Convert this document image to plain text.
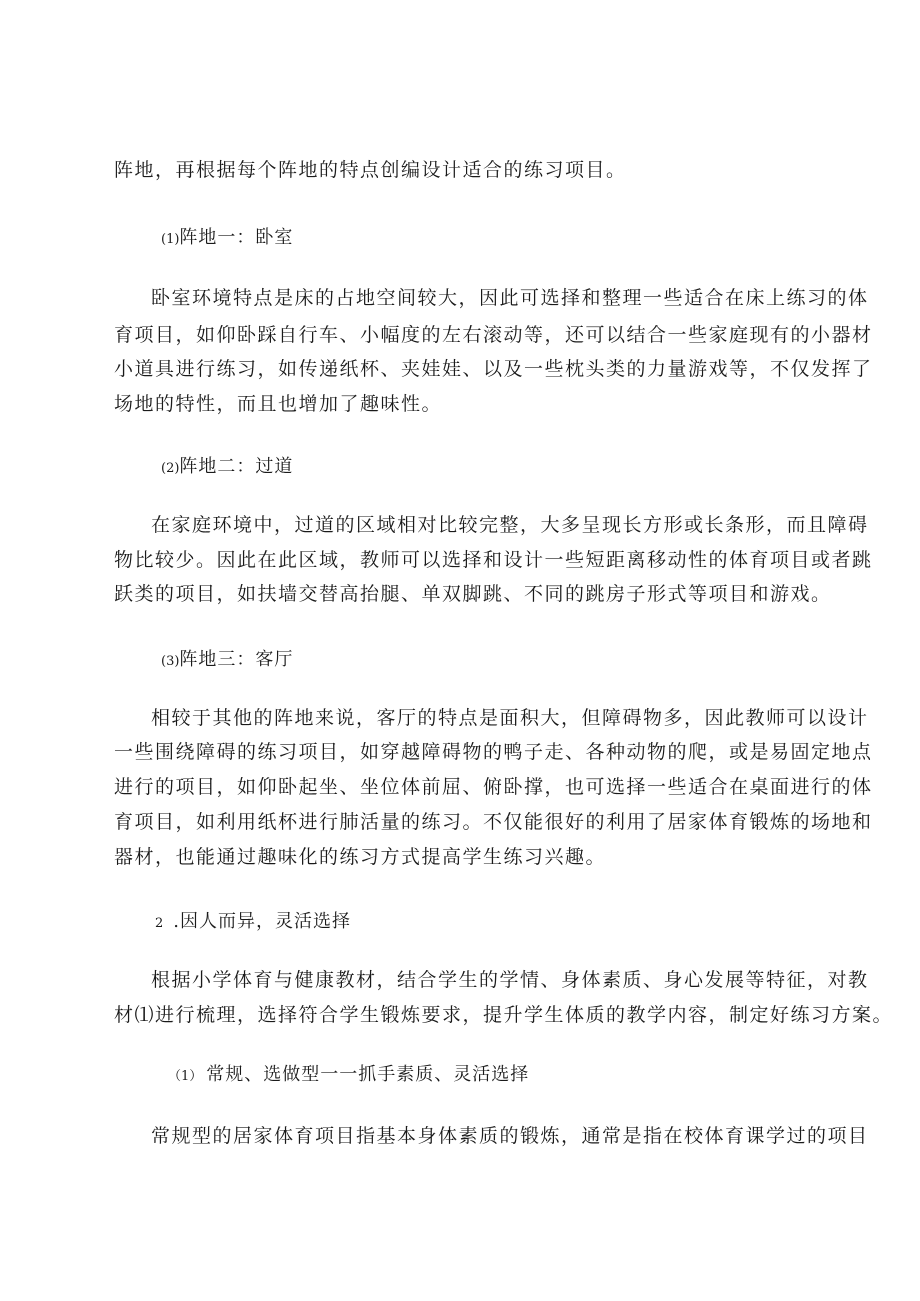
阵地，再根据每个阵地的特点创编设计适合的练习项目。
(1)阵地一：卧室
卧室环境特点是床的占地空间较大，因此可选择和整理一些适合在床上练习的体
育项目，如仰卧踩自行车、小幅度的左右滚动等，还可以结合一些家庭现有的小器材
小道具进行练习，如传递纸杯、夹娃娃、以及一些枕头类的力量游戏等，不仅发挥了
场地的特性，而且也增加了趣味性。
(2)阵地二：过道
在家庭环境中，过道的区域相对比较完整，大多呈现长方形或长条形，而且障碍
物比较少。因此在此区域，教师可以选择和设计一些短距离移动性的体育项目或者跳
跃类的项目，如扶墙交替高抬腿、单双脚跳、不同的跳房子形式等项目和游戏。
(3)阵地三：客厅
相较于其他的阵地来说，客厅的特点是面积大，但障碍物多，因此教师可以设计
一些围绕障碍的练习项目，如穿越障碍物的鸭子走、各种动物的爬，或是易固定地点
进行的项目，如仰卧起坐、坐位体前屈、俯卧撑，也可选择一些适合在桌面进行的体
育项目，如利用纸杯进行肺活量的练习。不仅能很好的利用了居家体育锻炼的场地和
器材，也能通过趣味化的练习方式提高学生练习兴趣。
2 .因人而异，灵活选择
根据小学体育与健康教材，结合学生的学情、身体素质、身心发展等特征，对教
材⑴进行梳理，选择符合学生锻炼要求，提升学生体质的教学内容，制定好练习方案。
（1） 常规、选做型一一抓手素质、灵活选择
常规型的居家体育项目指基本身体素质的锻炼，通常是指在校体育课学过的项目
